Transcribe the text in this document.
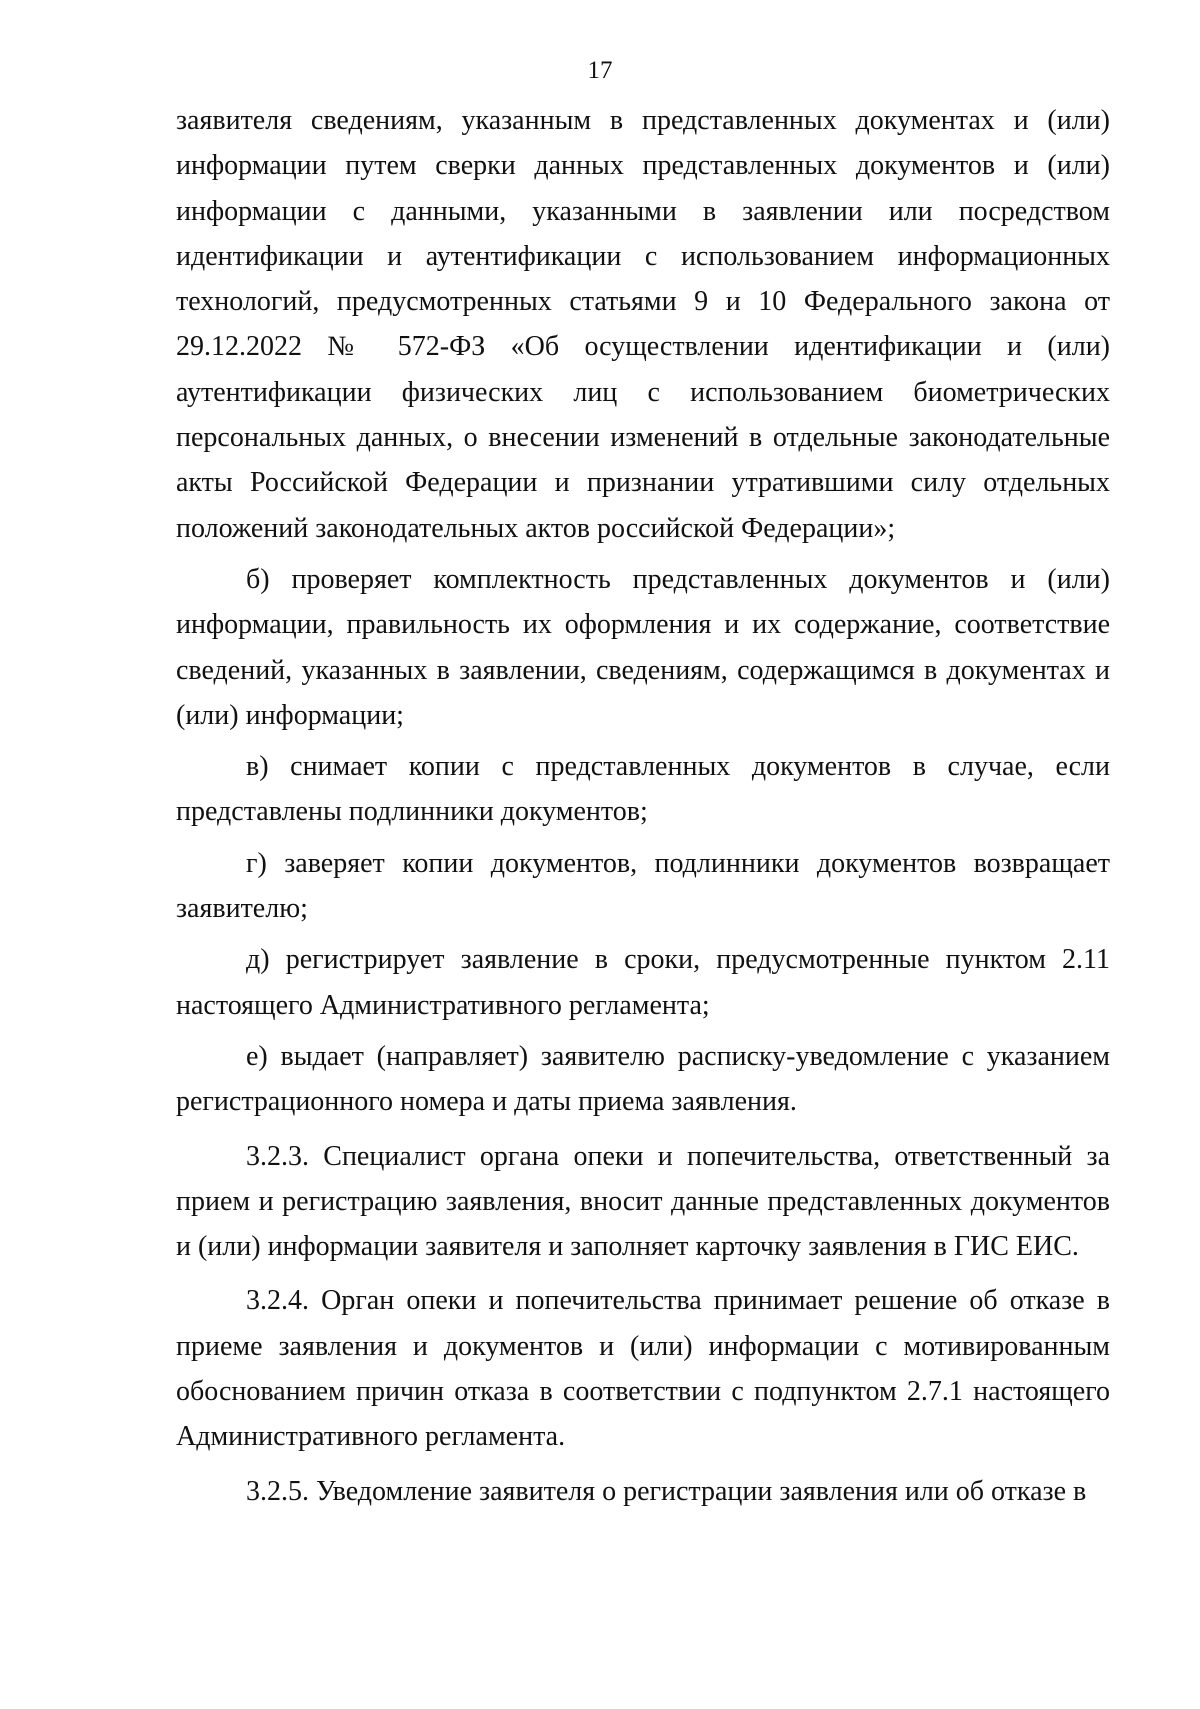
17

заявителя сведениям, указанным в представленных документах и (или) информации путем сверки данных представленных документов и (или) информации с данными, указанными в заявлении или посредством идентификации и аутентификации с использованием информационных технологий, предусмотренных статьями 9 и 10 Федерального закона от 29.12.2022 № 572-ФЗ «Об осуществлении идентификации и (или) аутентификации физических лиц с использованием биометрических персональных данных, о внесении изменений в отдельные законодательные акты Российской Федерации и признании утратившими силу отдельных положений законодательных актов российской Федерации»;

б) проверяет комплектность представленных документов и (или) информации, правильность их оформления и их содержание, соответствие сведений, указанных в заявлении, сведениям, содержащимся в документах и (или) информации;

в) снимает копии с представленных документов в случае, если представлены подлинники документов;

г) заверяет копии документов, подлинники документов возвращает заявителю;

д) регистрирует заявление в сроки, предусмотренные пунктом 2.11 настоящего Административного регламента;

е) выдает (направляет) заявителю расписку-уведомление с указанием регистрационного номера и даты приема заявления.

3.2.3. Специалист органа опеки и попечительства, ответственный за прием и регистрацию заявления, вносит данные представленных документов и (или) информации заявителя и заполняет карточку заявления в ГИС ЕИС.

3.2.4. Орган опеки и попечительства принимает решение об отказе в приеме заявления и документов и (или) информации с мотивированным обоснованием причин отказа в соответствии с подпунктом 2.7.1 настоящего Административного регламента.

3.2.5. Уведомление заявителя о регистрации заявления или об отказе в
